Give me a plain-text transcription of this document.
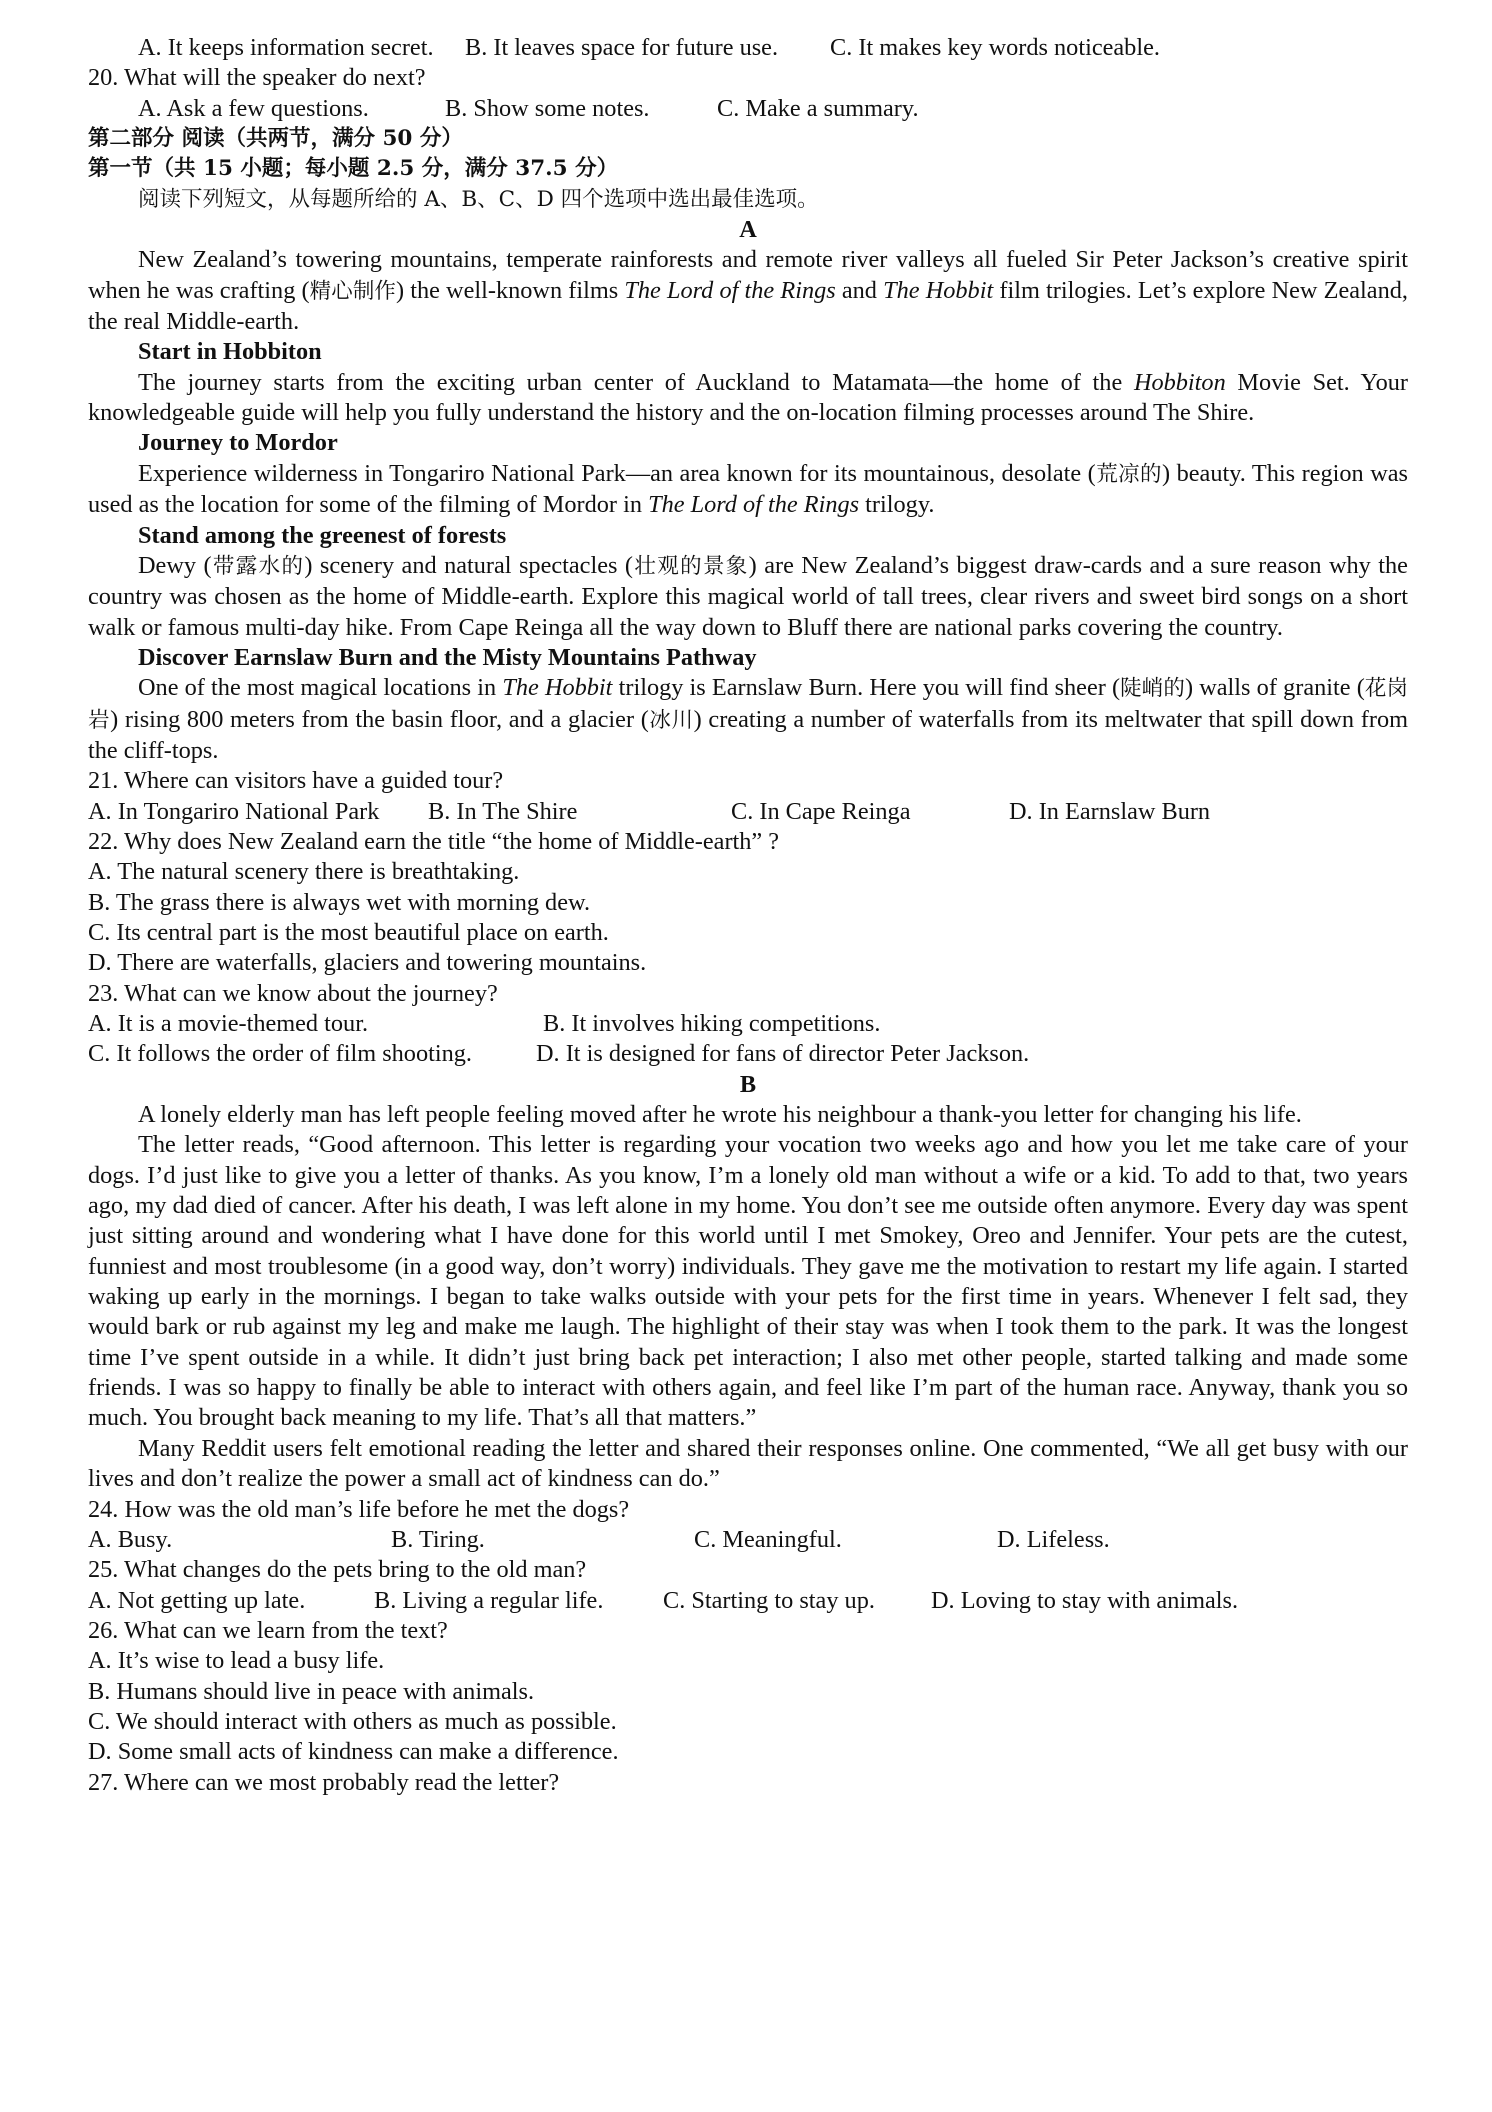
A. It keeps information secret.	B. It leaves space for future use.	C. It makes key words noticeable.

20. What will the speaker do next?

A. Ask a few questions.	B. Show some notes.	C. Make a summary.

第二部分 阅读（共两节，满分 50 分）

第一节（共 15 小题；每小题 2.5 分，满分 37.5 分）

阅读下列短文，从每题所给的 A、B、C、D 四个选项中选出最佳选项。

A

New Zealand’s towering mountains, temperate rainforests and remote river valleys all fueled Sir Peter Jackson’s creative spirit when he was crafting (精心制作) the well-known films The Lord of the Rings and The Hobbit film trilogies. Let’s explore New Zealand, the real Middle-earth.

Start in Hobbiton

The journey starts from the exciting urban center of Auckland to Matamata—the home of the Hobbiton Movie Set. Your knowledgeable guide will help you fully understand the history and the on-location filming processes around The Shire.

Journey to Mordor

Experience wilderness in Tongariro National Park—an area known for its mountainous, desolate (荒凉的) beauty. This region was used as the location for some of the filming of Mordor in The Lord of the Rings trilogy.

Stand among the greenest of forests

Dewy (带露水的) scenery and natural spectacles (壮观的景象) are New Zealand’s biggest draw-cards and a sure reason why the country was chosen as the home of Middle-earth. Explore this magical world of tall trees, clear rivers and sweet bird songs on a short walk or famous multi-day hike. From Cape Reinga all the way down to Bluff there are national parks covering the country.

Discover Earnslaw Burn and the Misty Mountains Pathway

One of the most magical locations in The Hobbit trilogy is Earnslaw Burn. Here you will find sheer (陡峭的) walls of granite (花岗岩) rising 800 meters from the basin floor, and a glacier (冰川) creating a number of waterfalls from its meltwater that spill down from the cliff-tops.

21. Where can visitors have a guided tour?

A. In Tongariro National Park	B. In The Shire	C. In Cape Reinga	D. In Earnslaw Burn

22. Why does New Zealand earn the title “the home of Middle-earth” ?

A. The natural scenery there is breathtaking.

B. The grass there is always wet with morning dew.

C. Its central part is the most beautiful place on earth.

D. There are waterfalls, glaciers and towering mountains.

23. What can we know about the journey?

A. It is a movie-themed tour.	B. It involves hiking competitions.
C. It follows the order of film shooting.	D. It is designed for fans of director Peter Jackson.

B

A lonely elderly man has left people feeling moved after he wrote his neighbour a thank-you letter for changing his life.

The letter reads, “Good afternoon. This letter is regarding your vocation two weeks ago and how you let me take care of your dogs. I’d just like to give you a letter of thanks. As you know, I’m a lonely old man without a wife or a kid. To add to that, two years ago, my dad died of cancer. After his death, I was left alone in my home. You don’t see me outside often anymore. Every day was spent just sitting around and wondering what I have done for this world until I met Smokey, Oreo and Jennifer. Your pets are the cutest, funniest and most troublesome (in a good way, don’t worry) individuals. They gave me the motivation to restart my life again. I started waking up early in the mornings. I began to take walks outside with your pets for the first time in years. Whenever I felt sad, they would bark or rub against my leg and make me laugh. The highlight of their stay was when I took them to the park. It was the longest time I’ve spent outside in a while. It didn’t just bring back pet interaction; I also met other people, started talking and made some friends. I was so happy to finally be able to interact with others again, and feel like I’m part of the human race. Anyway, thank you so much. You brought back meaning to my life. That’s all that matters.”

Many Reddit users felt emotional reading the letter and shared their responses online. One commented, “We all get busy with our lives and don’t realize the power a small act of kindness can do.”

24. How was the old man’s life before he met the dogs?

A. Busy.	B. Tiring.	C. Meaningful.	D. Lifeless.

25. What changes do the pets bring to the old man?

A. Not getting up late.	B. Living a regular life.	C. Starting to stay up.	D. Loving to stay with animals.

26. What can we learn from the text?

A. It’s wise to lead a busy life.

B. Humans should live in peace with animals.

C. We should interact with others as much as possible.

D. Some small acts of kindness can make a difference.

27. Where can we most probably read the letter?
